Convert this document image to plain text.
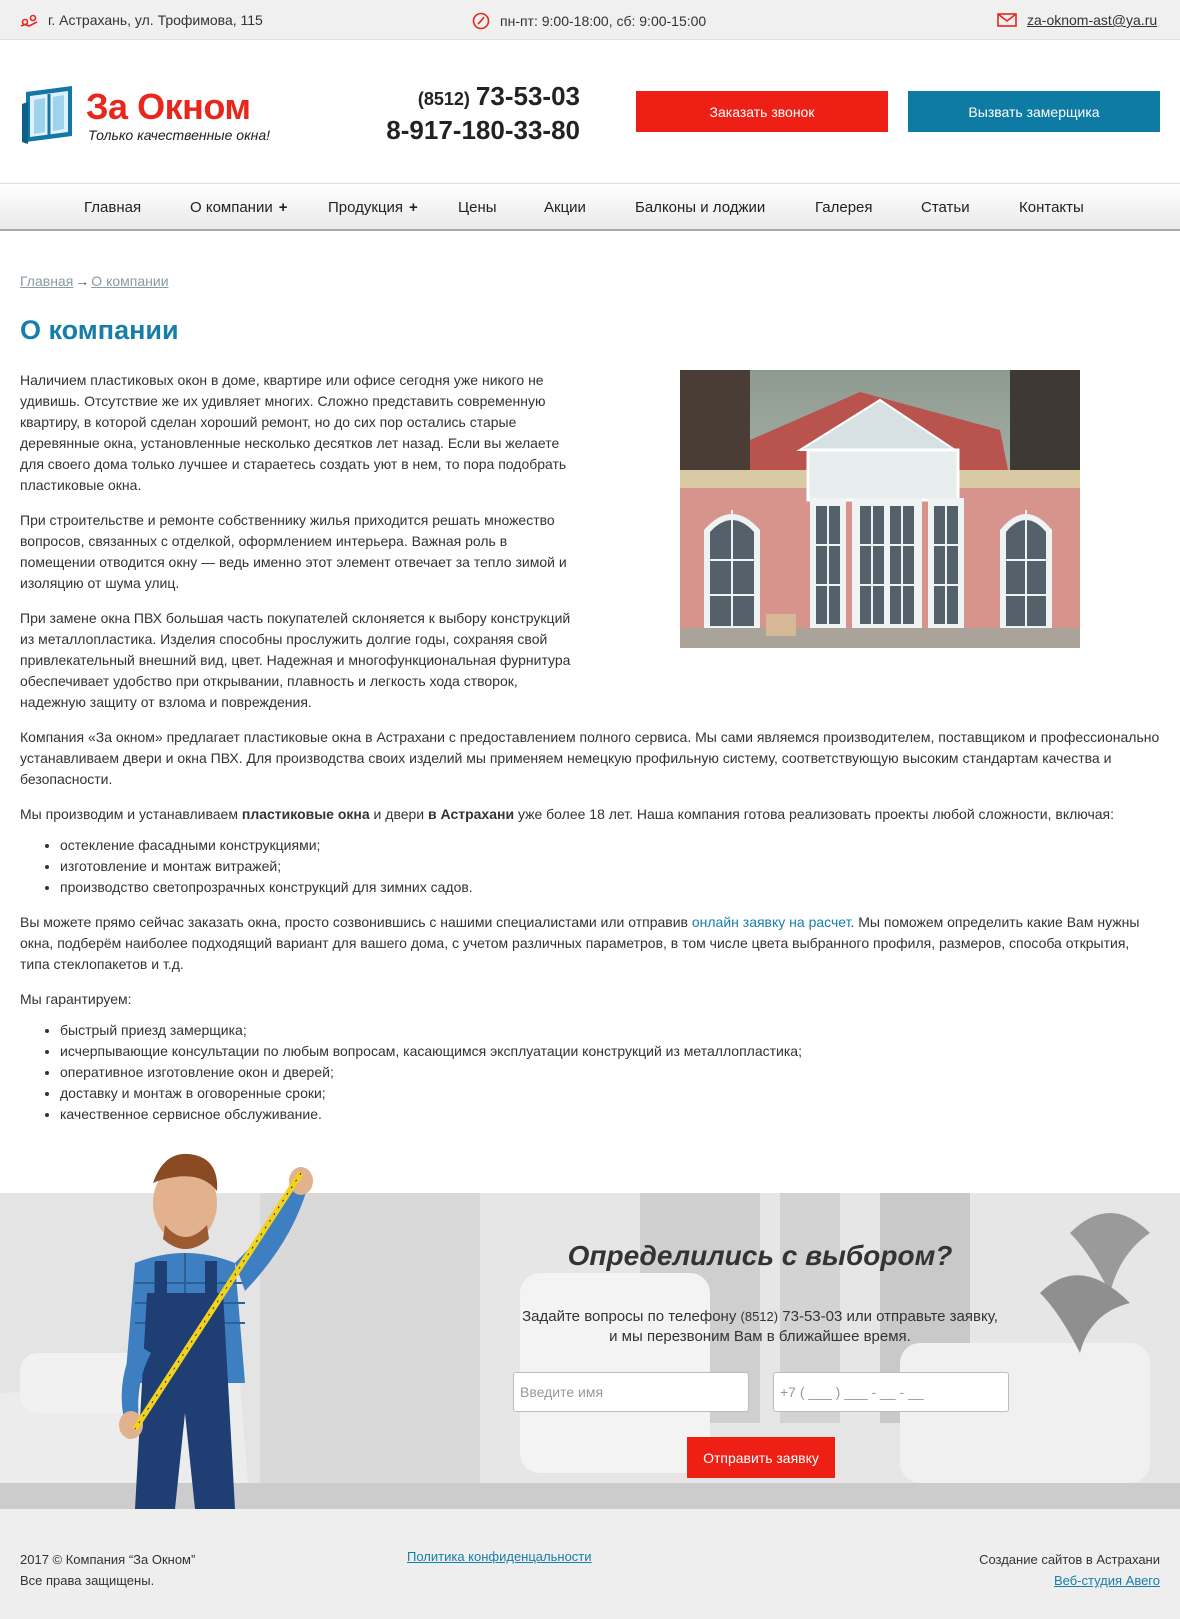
г. Астрахань, ул. Трофимова, 115	пн-пт: 9:00-18:00, сб: 9:00-15:00	za-oknom-ast@ya.ru
За Окном
Только качественные окна!
(8512) 73-53-03
8-917-180-33-80
Заказать звонок	Вызвать замерщика
Главная	О компании +	Продукция +	Цены	Акции	Балконы и лоджии	Галерея	Статьи	Контакты
Главная → О компании
О компании

Наличием пластиковых окон в доме, квартире или офисе сегодня уже никого не удивишь. Отсутствие же их удивляет многих. Сложно представить современную квартиру, в которой сделан хороший ремонт, но до сих пор остались старые деревянные окна, установленные несколько десятков лет назад. Если вы желаете для своего дома только лучшее и стараетесь создать уют в нем, то пора подобрать пластиковые окна.

При строительстве и ремонте собственнику жилья приходится решать множество вопросов, связанных с отделкой, оформлением интерьера. Важная роль в помещении отводится окну — ведь именно этот элемент отвечает за тепло зимой и изоляцию от шума улиц.

При замене окна ПВХ большая часть покупателей склоняется к выбору конструкций из металлопластика. Изделия способны прослужить долгие годы, сохраняя свой привлекательный внешний вид, цвет. Надежная и многофункциональная фурнитура обеспечивает удобство при открывании, плавность и легкость хода створок, надежную защиту от взлома и повреждения.

Компания «За окном» предлагает пластиковые окна в Астрахани с предоставлением полного сервиса. Мы сами являемся производителем, поставщиком и профессионально устанавливаем двери и окна ПВХ. Для производства своих изделий мы применяем немецкую профильную систему, соответствующую высоким стандартам качества и безопасности.

Мы производим и устанавливаем пластиковые окна и двери в Астрахани уже более 18 лет. Наша компания готова реализовать проекты любой сложности, включая:

• остекление фасадными конструкциями;
• изготовление и монтаж витражей;
• производство светопрозрачных конструкций для зимних садов.

Вы можете прямо сейчас заказать окна, просто созвонившись с нашими специалистами или отправив онлайн заявку на расчет. Мы поможем определить какие Вам нужны окна, подберём наиболее подходящий вариант для вашего дома, с учетом различных параметров, в том числе цвета выбранного профиля, размеров, способа открытия, типа стеклопакетов и т.д.

Мы гарантируем:

• быстрый приезд замерщика;
• исчерпывающие консультации по любым вопросам, касающимся эксплуатации конструкций из металлопластика;
• оперативное изготовление окон и дверей;
• доставку и монтаж в оговоренные сроки;
• качественное сервисное обслуживание.
Определились с выбором?
Задайте вопросы по телефону (8512) 73-53-03 или отправьте заявку, и мы перезвоним Вам в ближайшее время.
Введите имя
+7 ( ___ ) ___ - __ - __
Отправить заявку
2017 © Компания “За Окном”
Все права защищены.
Политика конфиденцальности	Создание сайтов в Астрахани
Веб-студия Авего
